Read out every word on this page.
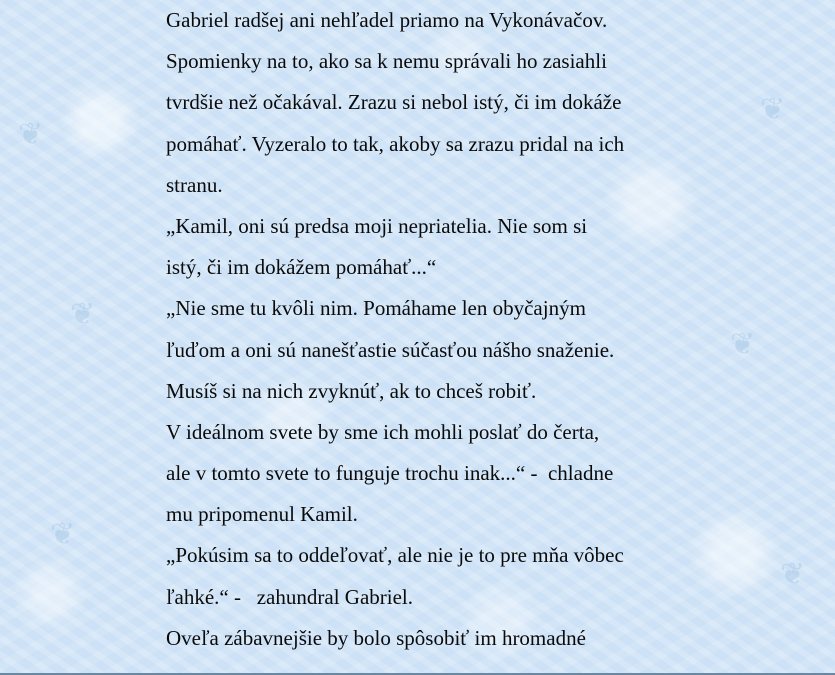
❦
❦
❦
❦
❦
❦
Gabriel radšej ani nehľadel priamo na Vykonávačov.
Spomienky na to, ako sa k nemu správali ho zasiahli
tvrdšie než očakával. Zrazu si nebol istý, či im dokáže
pomáhať. Vyzeralo to tak, akoby sa zrazu pridal na ich
stranu.
„Kamil, oni sú predsa moji nepriatelia. Nie som si
istý, či im dokážem pomáhať...“
„Nie sme tu kvôli nim. Pomáhame len obyčajným
ľuďom a oni sú nanešťastie súčasťou nášho snaženie.
Musíš si na nich zvyknúť, ak to chceš robiť.
V ideálnom svete by sme ich mohli poslať do čerta,
ale v tomto svete to funguje trochu inak...“ -  chladne
mu pripomenul Kamil.
„Pokúsim sa to oddeľovať, ale nie je to pre mňa vôbec
ľahké.“ -   zahundral Gabriel.
Oveľa zábavnejšie by bolo spôsobiť im hromadné
